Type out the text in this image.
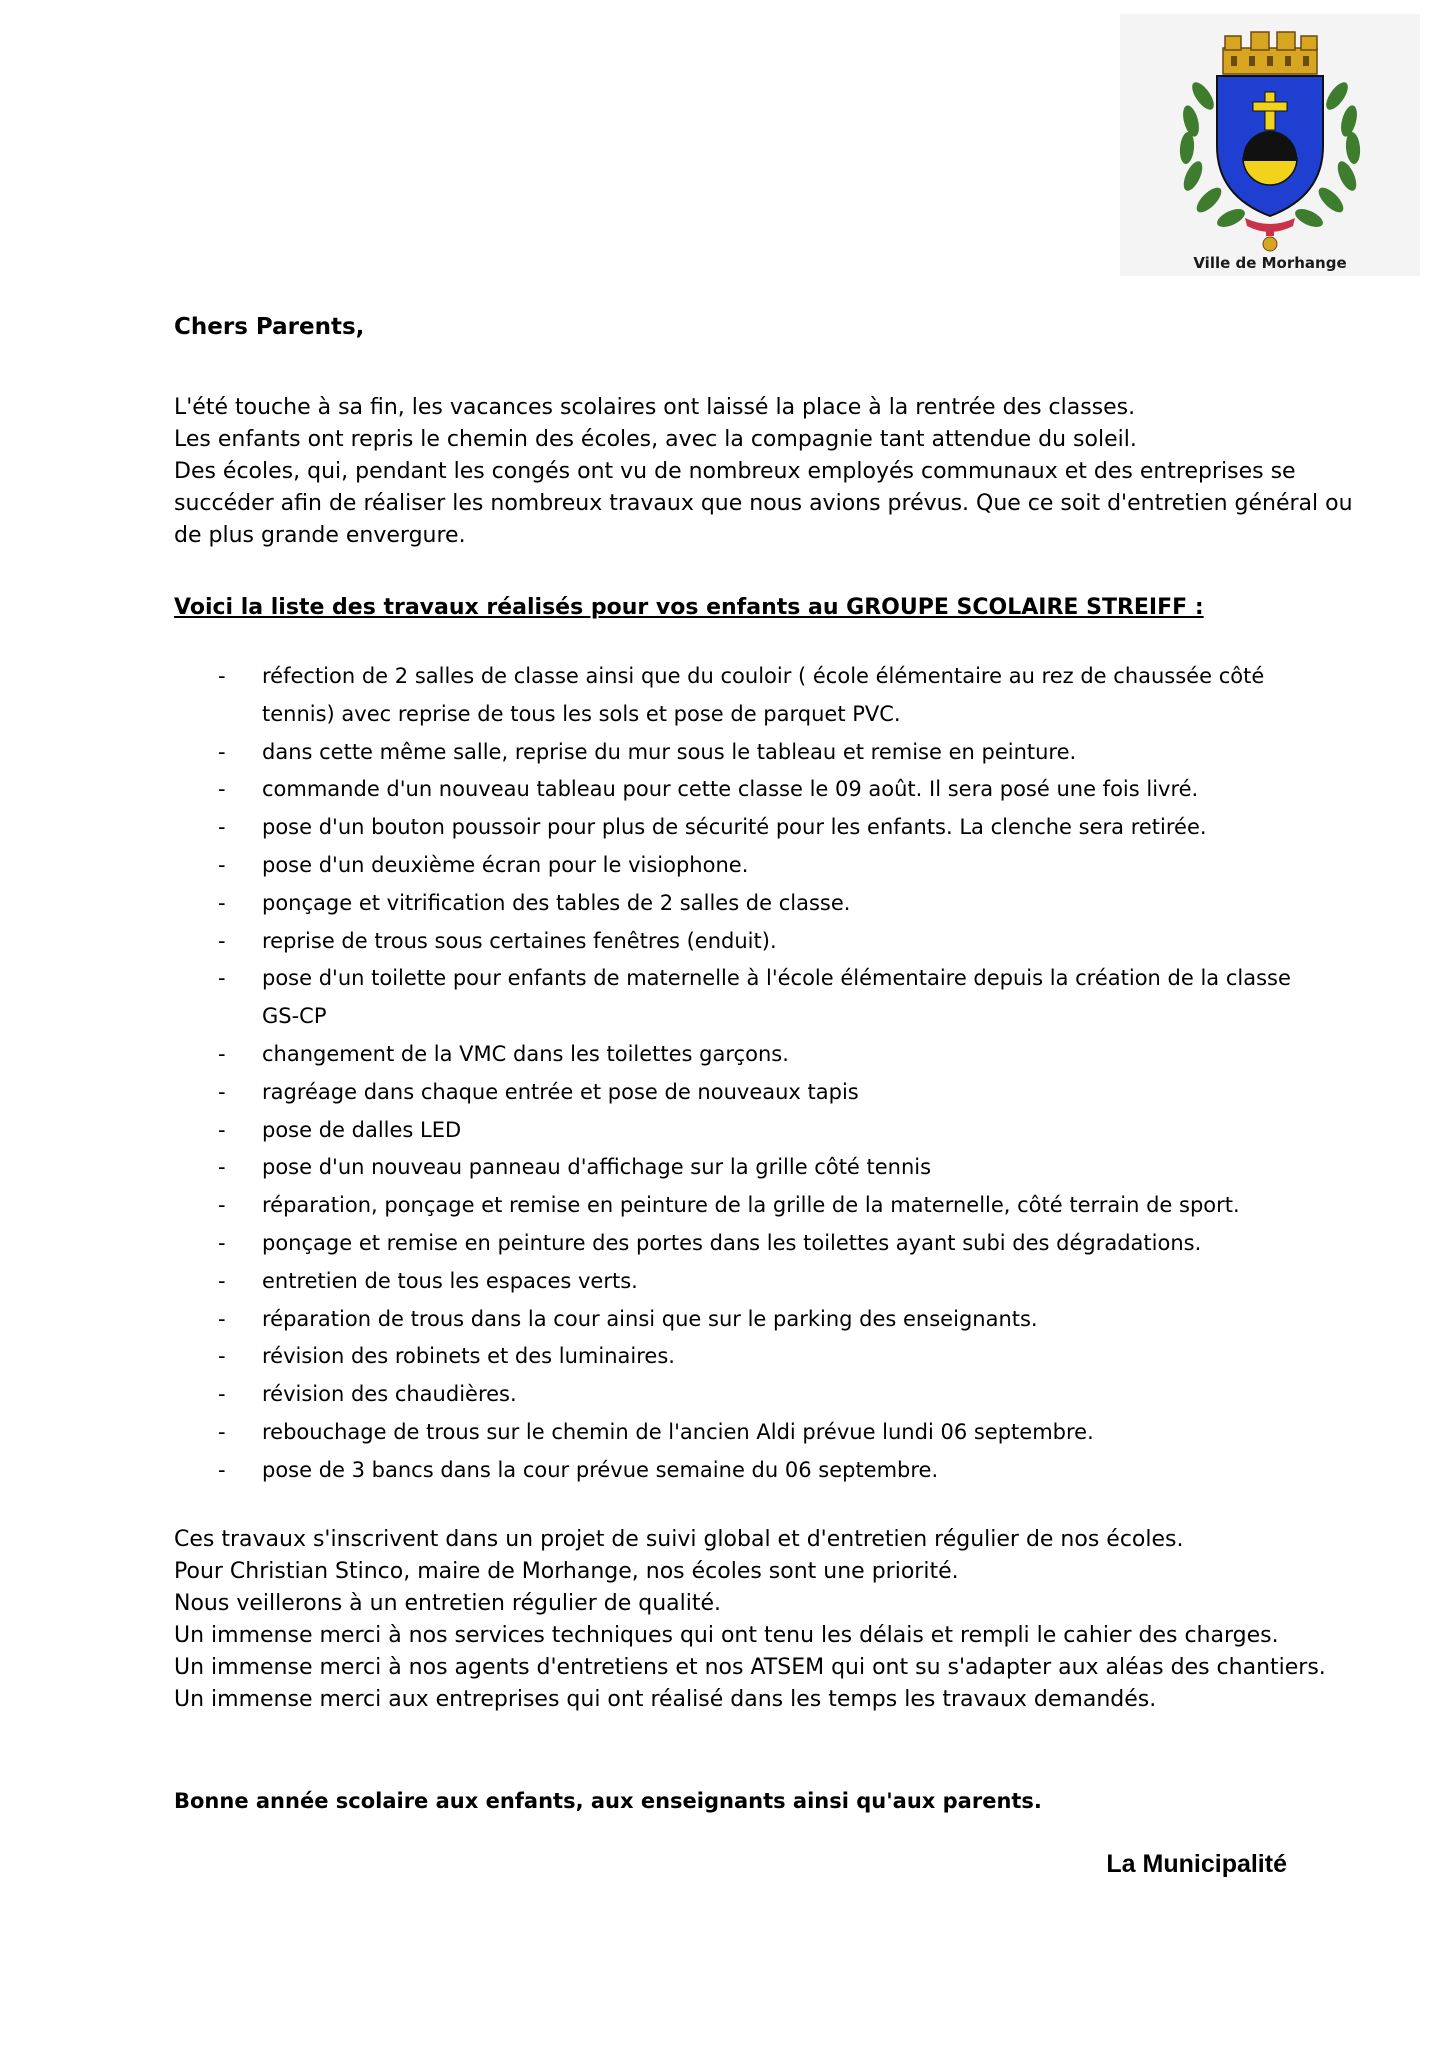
Ville de Morhange
Chers Parents,

L'été touche à sa fin, les vacances scolaires ont laissé la place à la rentrée des classes.

Les enfants ont repris le chemin des écoles, avec la compagnie tant attendue du soleil.

Des écoles, qui, pendant les congés ont vu de nombreux employés communaux et des entreprises se succéder afin de réaliser les nombreux travaux que nous avions prévus. Que ce soit d'entretien général ou de plus grande envergure.

Voici la liste des travaux réalisés pour vos enfants au GROUPE SCOLAIRE STREIFF :
- réfection de 2 salles de classe ainsi que du couloir ( école élémentaire au rez de chaussée côté tennis) avec reprise de tous les sols et pose de parquet PVC.
- dans cette même salle, reprise du mur sous le tableau et remise en peinture.
- commande d'un nouveau tableau pour cette classe le 09 août. Il sera posé une fois livré.
- pose d'un bouton poussoir pour plus de sécurité pour les enfants. La clenche sera retirée.
- pose d'un deuxième écran pour le visiophone.
- ponçage et vitrification des tables de 2 salles de classe.
- reprise de trous sous certaines fenêtres (enduit).
- pose d'un toilette pour enfants de maternelle à l'école élémentaire depuis la création de la classe GS-CP
- changement de la VMC dans les toilettes garçons.
- ragréage dans chaque entrée et pose de nouveaux tapis
- pose de dalles LED
- pose d'un nouveau panneau d'affichage sur la grille côté tennis
- réparation, ponçage et remise en peinture de la grille de la maternelle, côté terrain de sport.
- ponçage et remise en peinture des portes dans les toilettes ayant subi des dégradations.
- entretien de tous les espaces verts.
- réparation de trous dans la cour ainsi que sur le parking des enseignants.
- révision des robinets et des luminaires.
- révision des chaudières.
- rebouchage de trous sur le chemin de l'ancien Aldi prévue lundi 06 septembre.
- pose de 3 bancs dans la cour prévue semaine du 06 septembre.

Ces travaux s'inscrivent dans un projet de suivi global et d'entretien régulier de nos écoles.

Pour Christian Stinco, maire de Morhange, nos écoles sont une priorité.

Nous veillerons à un entretien régulier de qualité.

Un immense merci à nos services techniques qui ont tenu les délais et rempli le cahier des charges.

Un immense merci à nos agents d'entretiens et nos ATSEM qui ont su s'adapter aux aléas des chantiers.

Un immense merci aux entreprises qui ont réalisé dans les temps les travaux demandés.

Bonne année scolaire aux enfants, aux enseignants ainsi qu'aux parents.
La Municipalité
